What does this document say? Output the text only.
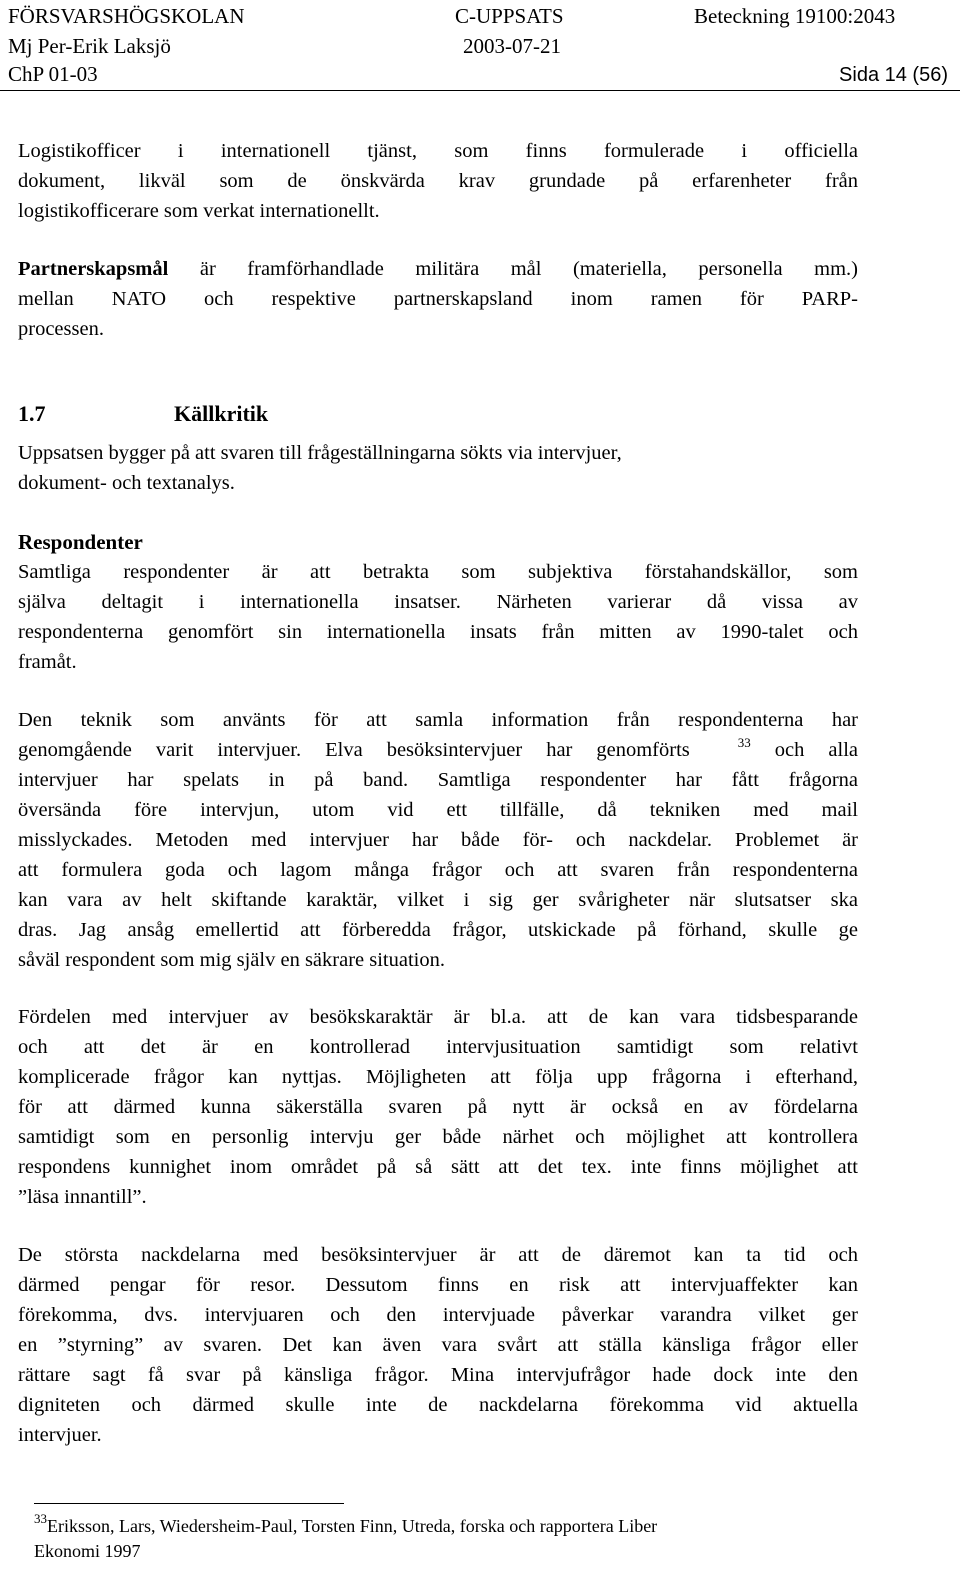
FÖRSVARSHÖGSKOLAN	C-UPPSATS	Beteckning 19100:2043
Mj Per-Erik Laksjö	2003-07-21
ChP 01-03	Sida 14 (56)
Logistikofficer i internationell tjänst, som finns formulerade i officiella
dokument, likväl som de önskvärda krav grundade på erfarenheter från
logistikofficerare som verkat internationellt.
Partnerskapsmål är framförhandlade militära mål (materiella, personella mm.)
mellan NATO och respektive partnerskapsland inom ramen för PARP-
processen.
1.7	Källkritik
Uppsatsen bygger på att svaren till frågeställningarna sökts via intervjuer,
dokument- och textanalys.
Respondenter
Samtliga respondenter är att betrakta som subjektiva förstahandskällor, som
själva deltagit i internationella insatser. Närheten varierar då vissa av
respondenterna genomfört sin internationella insats från mitten av 1990-talet och
framåt.
Den teknik som använts för att samla information från respondenterna har
genomgående varit intervjuer. Elva besöksintervjuer har genomförts	$^{33}$ och alla
intervjuer har spelats in på band. Samtliga respondenter har fått frågorna
översända före intervjun, utom vid ett tillfälle, då tekniken med mail
misslyckades. Metoden med intervjuer har både för- och nackdelar. Problemet är
att formulera goda och lagom många frågor och att svaren från respondenterna
kan vara av helt skiftande karaktär, vilket i sig ger svårigheter när slutsatser ska
dras. Jag ansåg emellertid att förberedda frågor, utskickade på förhand, skulle ge
såväl respondent som mig själv en säkrare situation.
Fördelen med intervjuer av besökskaraktär är bl.a. att de kan vara tidsbesparande
och att det är en kontrollerad intervjusituation samtidigt som relativt
komplicerade frågor kan nyttjas. Möjligheten att följa upp frågorna i efterhand,
för att därmed kunna säkerställa svaren på nytt är också en av fördelarna
samtidigt som en personlig intervju ger både närhet och möjlighet att kontrollera
respondens kunnighet inom området på så sätt att det tex. inte finns möjlighet att
”läsa innantill”.
De största nackdelarna med besöksintervjuer är att de däremot kan ta tid och
därmed pengar för resor. Dessutom finns en risk att intervjuaffekter kan
förekomma, dvs. intervjuaren och den intervjuade påverkar varandra vilket ger
en ”styrning” av svaren. Det kan även vara svårt att ställa känsliga frågor eller
rättare sagt få svar på känsliga frågor. Mina intervjufrågor hade dock inte den
digniteten och därmed skulle inte de nackdelarna förekomma vid aktuella
intervjuer.
$^{33}$Eriksson, Lars, Wiedersheim-Paul, Torsten Finn, Utreda, forska och rapportera Liber
Ekonomi 1997
